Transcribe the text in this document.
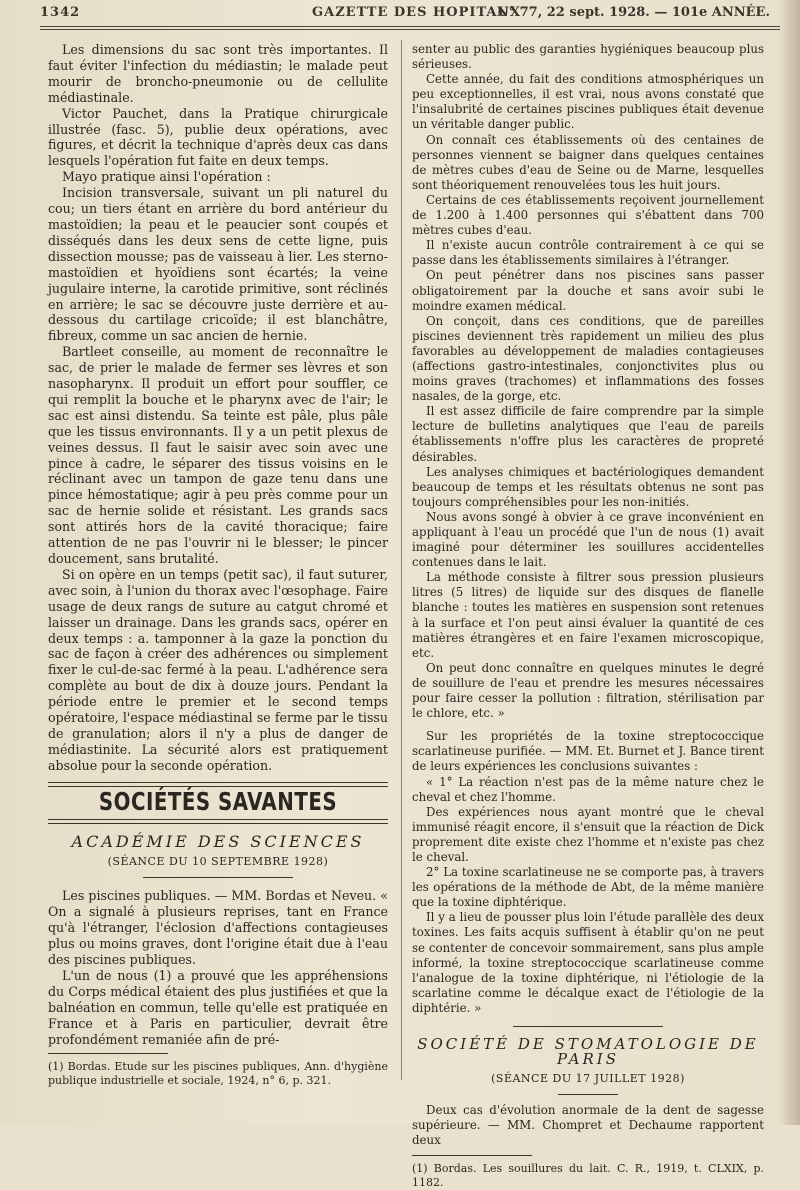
1342	GAZETTE DES HOPITAUX
N° 77, 22 sept. 1928. — 101e ANNÉE.

Les dimensions du sac sont très importantes. Il faut éviter l'infection du médiastin; le malade peut mourir de broncho-pneumonie ou de cellulite médiastinale.

Victor Pauchet, dans la Pratique chirurgicale illustrée (fasc. 5), publie deux opérations, avec figures, et décrit la technique d'après deux cas dans lesquels l'opération fut faite en deux temps.

Mayo pratique ainsi l'opération :

Incision transversale, suivant un pli naturel du cou; un tiers étant en arrière du bord antérieur du mastoïdien; la peau et le peaucier sont coupés et disséqués dans les deux sens de cette ligne, puis dissection mousse; pas de vaisseau à lier. Les sterno-mastoïdien et hyoïdiens sont écartés; la veine jugulaire interne, la carotide primitive, sont réclinés en arrière; le sac se découvre juste derrière et au-dessous du cartilage cricoïde; il est blanchâtre, fibreux, comme un sac ancien de hernie.

Bartleet conseille, au moment de reconnaître le sac, de prier le malade de fermer ses lèvres et son nasopharynx. Il produit un effort pour souffler, ce qui remplit la bouche et le pharynx avec de l'air; le sac est ainsi distendu. Sa teinte est pâle, plus pâle que les tissus environnants. Il y a un petit plexus de veines dessus. Il faut le saisir avec soin avec une pince à cadre, le séparer des tissus voisins en le réclinant avec un tampon de gaze tenu dans une pince hémostatique; agir à peu près comme pour un sac de hernie solide et résistant. Les grands sacs sont attirés hors de la cavité thoracique; faire attention de ne pas l'ouvrir ni le blesser; le pincer doucement, sans brutalité.

Si on opère en un temps (petit sac), il faut suturer, avec soin, à l'union du thorax avec l'œsophage. Faire usage de deux rangs de suture au catgut chromé et laisser un drainage. Dans les grands sacs, opérer en deux temps : a. tamponner à la gaze la ponction du sac de façon à créer des adhérences ou simplement fixer le cul-de-sac fermé à la peau. L'adhérence sera complète au bout de dix à douze jours. Pendant la période entre le premier et le second temps opératoire, l'espace médiastinal se ferme par le tissu de granulation; alors il n'y a plus de danger de médiastinite. La sécurité alors est pratiquement absolue pour la seconde opération.

SOCIÉTÉS SAVANTES
ACADÉMIE DES SCIENCES
(SÉANCE DU 10 SEPTEMBRE 1928)

Les piscines publiques. — MM. Bordas et Neveu. « On a signalé à plusieurs reprises, tant en France qu'à l'étranger, l'éclosion d'affections contagieuses plus ou moins graves, dont l'origine était due à l'eau des piscines publiques.

L'un de nous (1) a prouvé que les appréhensions du Corps médical étaient des plus justifiées et que la balnéation en commun, telle qu'elle est pratiquée en France et à Paris en particulier, devrait être profondément remaniée afin de pré-

(1) Bordas. Etude sur les piscines publiques, Ann. d'hygiène publique industrielle et sociale, 1924, n° 6, p. 321.

senter au public des garanties hygiéniques beaucoup plus sérieuses.

Cette année, du fait des conditions atmosphériques un peu exceptionnelles, il est vrai, nous avons constaté que l'insalubrité de certaines piscines publiques était devenue un véritable danger public.

On connaît ces établissements où des centaines de personnes viennent se baigner dans quelques centaines de mètres cubes d'eau de Seine ou de Marne, lesquelles sont théoriquement renouvelées tous les huit jours.

Certains de ces établissements reçoivent journellement de 1.200 à 1.400 personnes qui s'ébattent dans 700 mètres cubes d'eau.

Il n'existe aucun contrôle contrairement à ce qui se passe dans les établissements similaires à l'étranger.

On peut pénétrer dans nos piscines sans passer obligatoirement par la douche et sans avoir subi le moindre examen médical.

On conçoit, dans ces conditions, que de pareilles piscines deviennent très rapidement un milieu des plus favorables au développement de maladies contagieuses (affections gastro-intestinales, conjonctivites plus ou moins graves (trachomes) et inflammations des fosses nasales, de la gorge, etc.

Il est assez difficile de faire comprendre par la simple lecture de bulletins analytiques que l'eau de pareils établissements n'offre plus les caractères de propreté désirables.

Les analyses chimiques et bactériologiques demandent beaucoup de temps et les résultats obtenus ne sont pas toujours compréhensibles pour les non-initiés.

Nous avons songé à obvier à ce grave inconvénient en appliquant à l'eau un procédé que l'un de nous (1) avait imaginé pour déterminer les souillures accidentelles contenues dans le lait.

La méthode consiste à filtrer sous pression plusieurs litres (5 litres) de liquide sur des disques de flanelle blanche : toutes les matières en suspension sont retenues à la surface et l'on peut ainsi évaluer la quantité de ces matières étrangères et en faire l'examen microscopique, etc.

On peut donc connaître en quelques minutes le degré de souillure de l'eau et prendre les mesures nécessaires pour faire cesser la pollution : filtration, stérilisation par le chlore, etc. »

Sur les propriétés de la toxine streptococcique scarlatineuse purifiée. — MM. Et. Burnet et J. Bance tirent de leurs expériences les conclusions suivantes :

« 1° La réaction n'est pas de la même nature chez le cheval et chez l'homme.

Des expériences nous ayant montré que le cheval immunisé réagit encore, il s'ensuit que la réaction de Dick proprement dite existe chez l'homme et n'existe pas chez le cheval.

2° La toxine scarlatineuse ne se comporte pas, à travers les opérations de la méthode de Abt, de la même manière que la toxine diphtérique.

Il y a lieu de pousser plus loin l'étude parallèle des deux toxines. Les faits acquis suffisent à établir qu'on ne peut se contenter de concevoir sommairement, sans plus ample informé, la toxine streptococcique scarlatineuse comme l'analogue de la toxine diphtérique, ni l'étiologie de la scarlatine comme le décalque exact de l'étiologie de la diphtérie. »

SOCIÉTÉ DE STOMATOLOGIE DE PARIS
(SÉANCE DU 17 JUILLET 1928)

Deux cas d'évolution anormale de la dent de sagesse supérieure. — MM. Chompret et Dechaume rapportent deux

(1) Bordas. Les souillures du lait. C. R., 1919, t. CLXIX, p. 1182.
